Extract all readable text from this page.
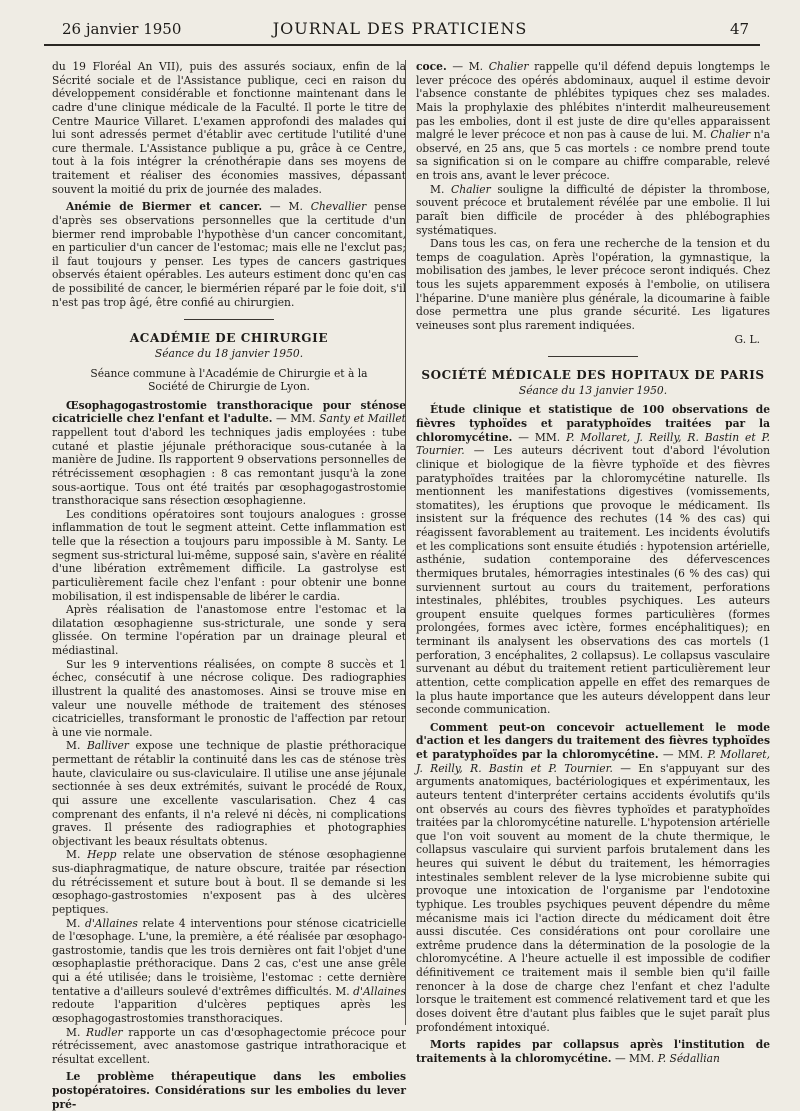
26 janvier 1950	JOURNAL DES PRATICIENS	47

du 19 Floréal An VII), puis des assurés sociaux, enfin de la Sécrité sociale et de l'Assistance publique, ceci en raison du développement considérable et fonctionne maintenant dans le cadre d'une clinique médicale de la Faculté. Il porte le titre de Centre Maurice Villaret. L'examen approfondi des malades qui lui sont adressés permet d'établir avec certitude l'utilité d'une cure thermale. L'Assistance publique a pu, grâce à ce Centre, tout à la fois intégrer la crénothérapie dans ses moyens de traitement et réaliser des économies massives, dépassant souvent la moitié du prix de journée des malades.

Anémie de Biermer et cancer. — M. Chevallier pense d'après ses observations personnelles que la certitude d'un biermer rend improbable l'hypothèse d'un cancer concomitant, en particulier d'un cancer de l'estomac; mais elle ne l'exclut pas; il faut toujours y penser. Les types de cancers gastriques observés étaient opérables. Les auteurs estiment donc qu'en cas de possibilité de cancer, le biermérien réparé par le foie doit, s'il n'est pas trop âgé, être confié au chirurgien.

ACADÉMIE DE CHIRURGIE
Séance du 18 janvier 1950.
Séance commune à l'Académie de Chirurgie et à la
Société de Chirurgie de Lyon.

Œsophagogastrostomie transthoracique pour sténose cicatricielle chez l'enfant et l'adulte. — MM. Santy et Maillet rappellent tout d'abord les techniques jadis employées : tube cutané et plastie jéjunale préthoracique sous-cutanée à la manière de Judine. Ils rapportent 9 observations personnelles de rétrécissement œsophagien : 8 cas remontant jusqu'à la zone sous-aortique. Tous ont été traités par œsophagogastrostomie transthoracique sans résection œsophagienne.

Les conditions opératoires sont toujours analogues : grosse inflammation de tout le segment atteint. Cette inflammation est telle que la résection a toujours paru impossible à M. Santy. Le segment sus-strictural lui-même, supposé sain, s'avère en réalité d'une libération extrêmement difficile. La gastrolyse est particulièrement facile chez l'enfant : pour obtenir une bonne mobilisation, il est indispensable de libérer le cardia.

Après réalisation de l'anastomose entre l'estomac et la dilatation œsophagienne sus-stricturale, une sonde y sera glissée. On termine l'opération par un drainage pleural et médiastinal.

Sur les 9 interventions réalisées, on compte 8 succès et 1 échec, consécutif à une nécrose colique. Des radiographies illustrent la qualité des anastomoses. Ainsi se trouve mise en valeur une nouvelle méthode de traitement des sténoses cicatricielles, transformant le pronostic de l'affection par retour à une vie normale.

M. Balliver expose une technique de plastie préthoracique permettant de rétablir la continuité dans les cas de sténose très haute, claviculaire ou sus-claviculaire. Il utilise une anse jéjunale sectionnée à ses deux extrémités, suivant le procédé de Roux, qui assure une excellente vascularisation. Chez 4 cas comprenant des enfants, il n'a relevé ni décès, ni complications graves. Il présente des radiographies et photographies objectivant les beaux résultats obtenus.

M. Hepp relate une observation de sténose œsophagienne sus-diaphragmatique, de nature obscure, traitée par résection du rétrécissement et suture bout à bout. Il se demande si les œsophago-gastrostomies n'exposent pas à des ulcères peptiques.

M. d'Allaines relate 4 interventions pour sténose cicatricielle de l'œsophage. L'une, la première, a été réalisée par œsophago-gastrostomie, tandis que les trois dernières ont fait l'objet d'une œsophaplastie préthoracique. Dans 2 cas, c'est une anse grêle qui a été utilisée; dans le troisième, l'estomac : cette dernière tentative a d'ailleurs soulevé d'extrêmes difficultés. M. d'Allaines redoute l'apparition d'ulcères peptiques après les œsophagogastrostomies transthoraciques.

M. Rudler rapporte un cas d'œsophagectomie précoce pour rétrécissement, avec anastomose gastrique intrathoracique et résultat excellent.

Le problème thérapeutique dans les embolies postopératoires. Considérations sur les embolies du lever pré-

coce. — M. Chalier rappelle qu'il défend depuis longtemps le lever précoce des opérés abdominaux, auquel il estime devoir l'absence constante de phlébites typiques chez ses malades. Mais la prophylaxie des phlébites n'interdit malheureusement pas les embolies, dont il est juste de dire qu'elles apparaissent malgré le lever précoce et non pas à cause de lui. M. Chalier n'a observé, en 25 ans, que 5 cas mortels : ce nombre prend toute sa signification si on le compare au chiffre comparable, relevé en trois ans, avant le lever précoce.

M. Chalier souligne la difficulté de dépister la thrombose, souvent précoce et brutalement révélée par une embolie. Il lui paraît bien difficile de procéder à des phlébographies systématiques.

Dans tous les cas, on fera une recherche de la tension et du temps de coagulation. Après l'opération, la gymnastique, la mobilisation des jambes, le lever précoce seront indiqués. Chez tous les sujets apparemment exposés à l'embolie, on utilisera l'héparine. D'une manière plus générale, la dicoumarine à faible dose permettra une plus grande sécurité. Les ligatures veineuses sont plus rarement indiquées.

G. L.
SOCIÉTÉ MÉDICALE DES HOPITAUX DE PARIS
Séance du 13 janvier 1950.

Étude clinique et statistique de 100 observations de fièvres typhoïdes et paratyphoïdes traitées par la chloromycétine. — MM. P. Mollaret, J. Reilly, R. Bastin et P. Tournier. — Les auteurs décrivent tout d'abord l'évolution clinique et biologique de la fièvre typhoïde et des fièvres paratyphoïdes traitées par la chloromycétine naturelle. Ils mentionnent les manifestations digestives (vomissements, stomatites), les éruptions que provoque le médicament. Ils insistent sur la fréquence des rechutes (14 % des cas) qui réagissent favorablement au traitement. Les incidents évolutifs et les complications sont ensuite étudiés : hypotension artérielle, asthénie, sudation contemporaine des défervescences thermiques brutales, hémorragies intestinales (6 % des cas) qui surviennent surtout au cours du traitement, perforations intestinales, phlébites, troubles psychiques. Les auteurs groupent ensuite quelques formes particulières (formes prolongées, formes avec ictère, formes encéphalitiques); en terminant ils analysent les observations des cas mortels (1 perforation, 3 encéphalites, 2 collapsus). Le collapsus vasculaire survenant au début du traitement retient particulièrement leur attention, cette complication appelle en effet des remarques de la plus haute importance que les auteurs développent dans leur seconde communication.

Comment peut-on concevoir actuellement le mode d'action et les dangers du traitement des fièvres typhoïdes et paratyphoïdes par la chloromycétine. — MM. P. Mollaret, J. Reilly, R. Bastin et P. Tournier. — En s'appuyant sur des arguments anatomiques, bactériologiques et expérimentaux, les auteurs tentent d'interpréter certains accidents évolutifs qu'ils ont observés au cours des fièvres typhoïdes et paratyphoïdes traitées par la chloromycétine naturelle. L'hypotension artérielle que l'on voit souvent au moment de la chute thermique, le collapsus vasculaire qui survient parfois brutalement dans les heures qui suivent le début du traitement, les hémorragies intestinales semblent relever de la lyse microbienne subite qui provoque une intoxication de l'organisme par l'endotoxine typhique. Les troubles psychiques peuvent dépendre du même mécanisme mais ici l'action directe du médicament doit être aussi discutée. Ces considérations ont pour corollaire une extrême prudence dans la détermination de la posologie de la chloromycétine. A l'heure actuelle il est impossible de codifier définitivement ce traitement mais il semble bien qu'il faille renoncer à la dose de charge chez l'enfant et chez l'adulte lorsque le traitement est commencé relativement tard et que les doses doivent être d'autant plus faibles que le sujet paraît plus profondément intoxiqué.

Morts rapides par collapsus après l'institution de traitements à la chloromycétine. — MM. P. Sédallian
